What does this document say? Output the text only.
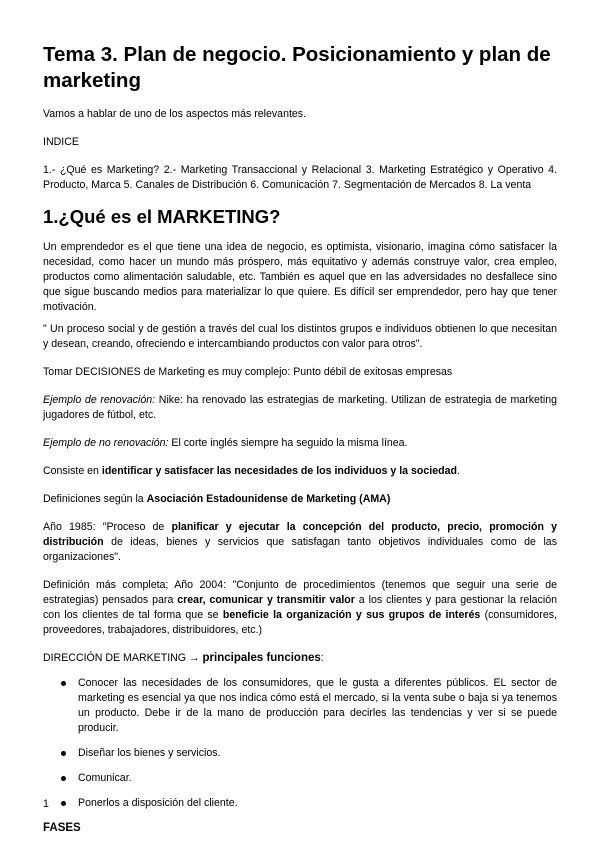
Tema 3. Plan de negocio. Posicionamiento y plan de marketing

Vamos a hablar de uno de los aspectos más relevantes.

INDICE

1.- ¿Qué es Marketing? 2.- Marketing Transaccional y Relacional 3. Marketing Estratégico y Operativo 4. Producto, Marca 5. Canales de Distribución 6. Comunicación 7. Segmentación de Mercados 8. La venta

1.¿Qué es el MARKETING?

Un emprendedor es el que tiene una idea de negocio, es optimista, visionario, imagina cómo satisfacer la necesidad, como hacer un mundo más próspero, más equitativo y además construye valor, crea empleo, productos como alimentación saludable, etc. También es aquel que en las adversidades no desfallece sino que sigue buscando medios para materializar lo que quiere. Es difícil ser emprendedor, pero hay que tener motivación.

" Un proceso social y de gestión a través del cual los distintos grupos e individuos obtienen lo que necesitan y desean, creando, ofreciendo e intercambiando productos con valor para otros".

Tomar DECISIONES de Marketing es muy complejo: Punto débil de exitosas empresas

Ejemplo de renovación: Nike: ha renovado las estrategias de marketing. Utilizan de estrategia de marketing jugadores de fútbol, etc.

Ejemplo de no renovación: El corte inglés siempre ha seguido la misma línea.

Consiste en identificar y satisfacer las necesidades de los individuos y la sociedad.

Definiciones según la Asociación Estadounidense de Marketing (AMA)

Año 1985: "Proceso de planificar y ejecutar la concepción del producto, precio, promoción y distribución de ideas, bienes y servicios que satisfagan tanto objetivos individuales como de las organizaciones".

Definición más completa; Año 2004: "Conjunto de procedimientos (tenemos que seguir una serie de estrategias) pensados para crear, comunicar y transmitir valor a los clientes y para gestionar la relación con los clientes de tal forma que se beneficie la organización y sus grupos de interés (consumidores, proveedores, trabajadores, distribuidores, etc.)

DIRECCIÓN DE MARKETING → principales funciones:

Conocer las necesidades de los consumidores, que le gusta a diferentes públicos. EL sector de marketing es esencial ya que nos indica cómo está el mercado, si la venta sube o baja si ya tenemos un producto. Debe ir de la mano de producción para decirles las tendencias y ver si se puede producir.
Diseñar los bienes y servicios.
Comunicar.
Ponerlos a disposición del cliente.
FASES
1
